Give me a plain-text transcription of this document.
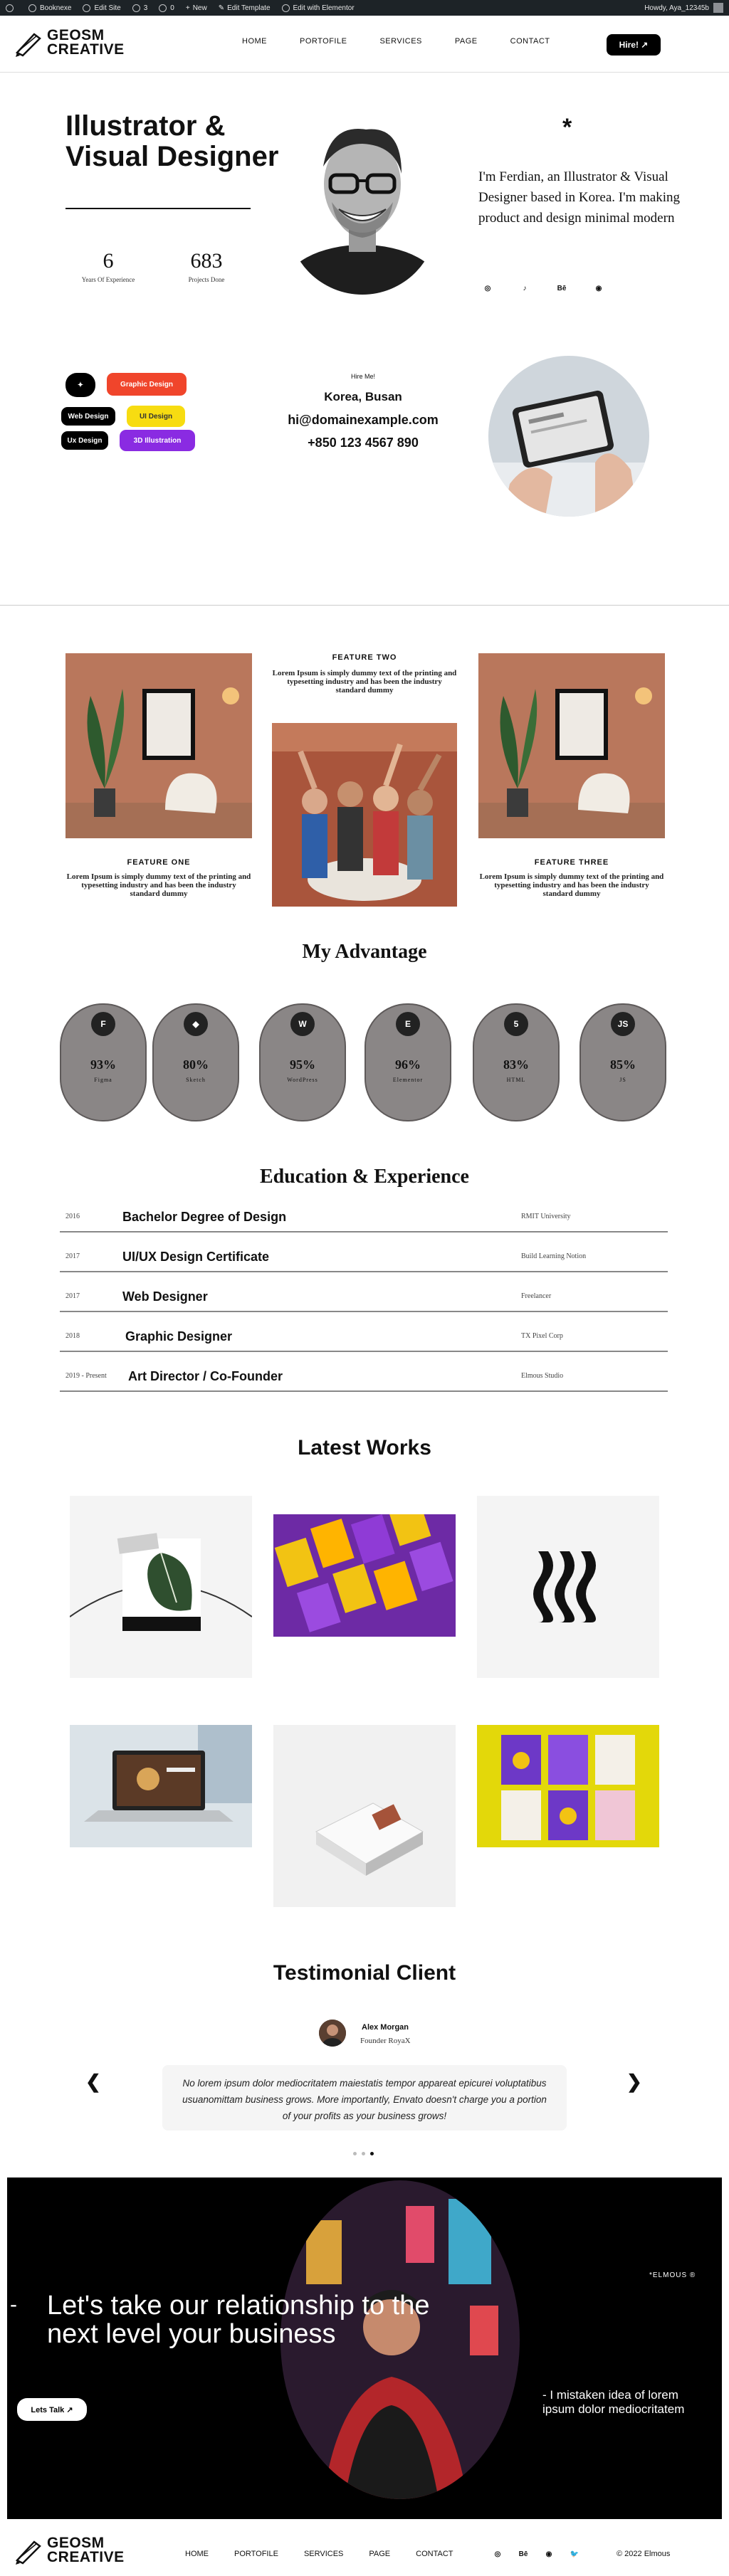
Booknexe	Edit Site	3	0 + New ✎ Edit Template	Edit with Elementor	Howdy, Aya_12345b
GEOSM
CREATIVE	HOME	PORTOFILE	SERVICES	PAGE	CONTACT	Hire! ↗
Illustrator & Visual Designer
6
Years Of Experience
683
Projects Done
*
I'm Ferdian, an Illustrator & Visual Designer based in Korea. I'm making product and design minimal modern
◎	♪	Bē	◉
✦	Graphic Design
Web Design	UI Design
Ux Design	3D Illustration
Hire Me!
Korea, Busan
hi@domainexample.com
+850 123 4567 890
FEATURE ONE
Lorem Ipsum is simply dummy text of the printing and typesetting industry and has been the industry standard dummy
FEATURE TWO
Lorem Ipsum is simply dummy text of the printing and typesetting industry and has been the industry standard dummy
FEATURE THREE
Lorem Ipsum is simply dummy text of the printing and typesetting industry and has been the industry standard dummy
My Advantage
F
93%
Figma
◆
80%
Sketch
W
95%
WordPress
E
96%
Elementor
5
83%
HTML
JS
85%
JS
Education & Experience
2016	Bachelor Degree of Design	RMIT University
2017	UI/UX Design Certificate	Build Learning Notion
2017	Web Designer	Freelancer
2018	Graphic Designer	TX Pixel Corp
2019 - Present Art Director / Co-Founder	Elmous Studio
Latest Works
Testimonial Client
Alex Morgan
Founder RoyaX
No lorem ipsum dolor mediocritatem maiestatis tempor appareat epicurei voluptatibus usuanomittam business grows. More importantly, Envato doesn't charge you a portion of your profits as your business grows!
❮	❯
- Let's take our relationship to the next level your business
Lets Talk ↗
*ELMOUS ®
- I mistaken idea of lorem ipsum dolor mediocritatem
GEOSM
CREATIVE	HOME	PORTOFILE	SERVICES	PAGE	CONTACT	◎	Bē	◉	🐦	© 2022 Elmous
